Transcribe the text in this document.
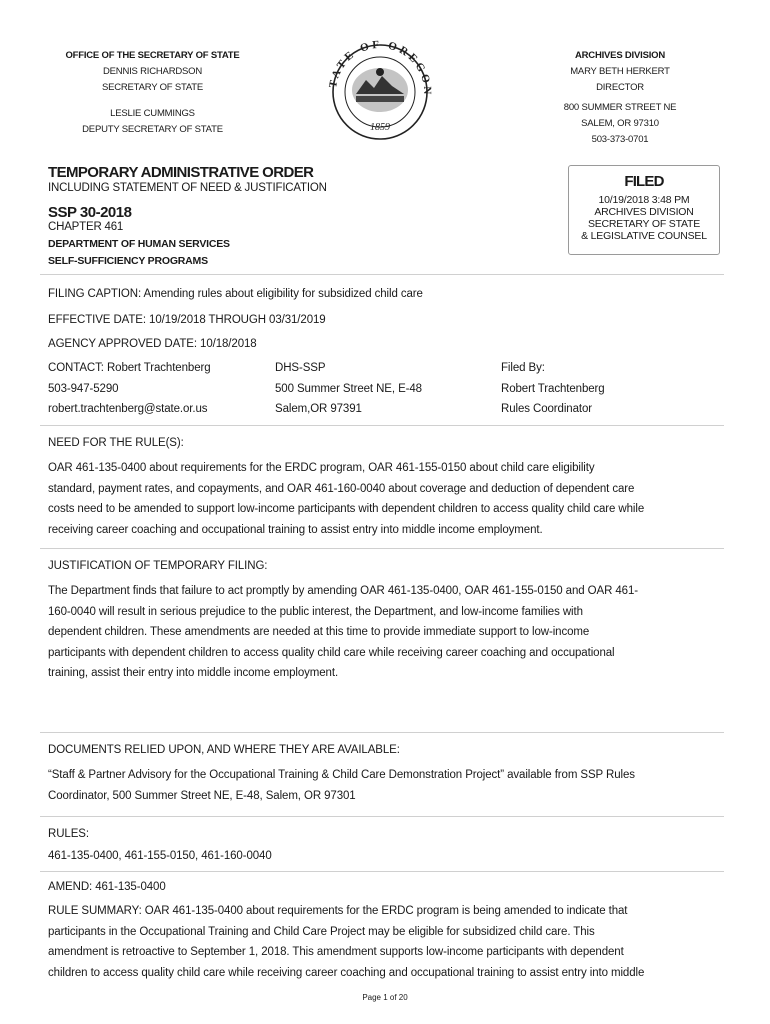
OFFICE OF THE SECRETARY OF STATE
DENNIS RICHARDSON
SECRETARY OF STATE
LESLIE CUMMINGS
DEPUTY SECRETARY OF STATE
TATE OF OREGON
1859
ARCHIVES DIVISION
MARY BETH HERKERT
DIRECTOR
800 SUMMER STREET NE
SALEM, OR 97310
503-373-0701
TEMPORARY ADMINISTRATIVE ORDER
INCLUDING STATEMENT OF NEED & JUSTIFICATION
SSP 30-2018
CHAPTER 461
DEPARTMENT OF HUMAN SERVICES
SELF-SUFFICIENCY PROGRAMS
FILED
10/19/2018 3:48 PM
ARCHIVES DIVISION
SECRETARY OF STATE
& LEGISLATIVE COUNSEL
FILING CAPTION: Amending rules about eligibility for subsidized child care
EFFECTIVE DATE: 10/19/2018 THROUGH 03/31/2019
AGENCY APPROVED DATE: 10/18/2018
CONTACT: Robert Trachtenberg
503-947-5290
robert.trachtenberg@state.or.us
DHS-SSP
500 Summer Street NE, E-48
Salem,OR 97391
Filed By:
Robert Trachtenberg
Rules Coordinator
NEED FOR THE RULE(S):
OAR 461-135-0400 about requirements for the ERDC program, OAR 461-155-0150 about child care eligibility
standard, payment rates, and copayments, and OAR 461-160-0040 about coverage and deduction of dependent care
costs need to be amended to support low-income participants with dependent children to access quality child care while
receiving career coaching and occupational training to assist entry into middle income employment.
JUSTIFICATION OF TEMPORARY FILING:
The Department finds that failure to act promptly by amending OAR 461-135-0400, OAR 461-155-0150 and OAR 461-
160-0040 will result in serious prejudice to the public interest, the Department, and low-income families with
dependent children. These amendments are needed at this time to provide immediate support to low-income
participants with dependent children to access quality child care while receiving career coaching and occupational
training, assist their entry into middle income employment.
DOCUMENTS RELIED UPON, AND WHERE THEY ARE AVAILABLE:
“Staff & Partner Advisory for the Occupational Training & Child Care Demonstration Project” available from SSP Rules
Coordinator, 500 Summer Street NE, E-48, Salem, OR 97301
RULES:
461-135-0400, 461-155-0150, 461-160-0040
AMEND: 461-135-0400
RULE SUMMARY: OAR 461-135-0400 about requirements for the ERDC program is being amended to indicate that
participants in the Occupational Training and Child Care Project may be eligible for subsidized child care. This
amendment is retroactive to September 1, 2018. This amendment supports low-income participants with dependent
children to access quality child care while receiving career coaching and occupational training to assist entry into middle
Page 1 of 20
